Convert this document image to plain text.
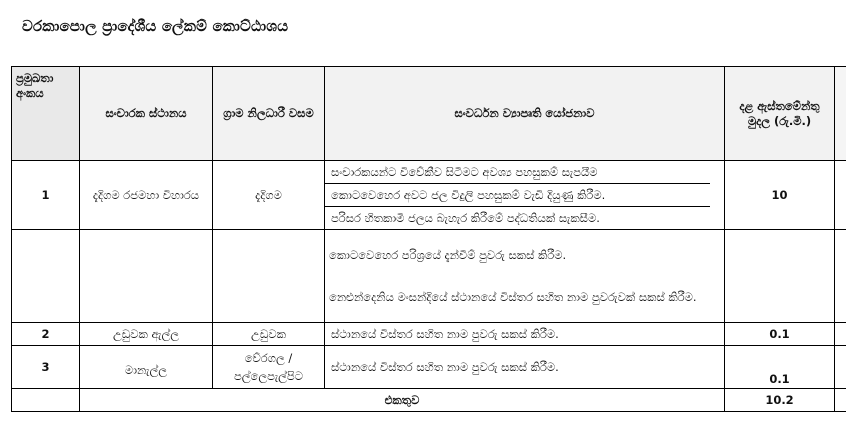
වරකාපොල ප්‍රාදේශීය ලේකම් කොට්ඨාශය
ප්‍රමුඛතා අංකය	සංචාරක ස්ථානය	ග්‍රාම නිලධාරී වසම	සංවර්ධන ව්‍යාපෘති යෝජනාව	දළ ඇස්තමේන්තු මුදල (රු.මි.)	
1	දැදිගම රජමහා විහාරය	දැදිගම	සංචාරකයන්ට විවේකීව සිටීමට අවශ්‍ය පහසුකම් සැපයීම
කොටවෙහෙර අවට ජල විදුලි පහසුකම් වැඩි දියුණු කිරීම.
පරිසර හිතකාමී ජලය බැහැර කිරීමේ පද්ධතියක් සැකසීම.	10	

			කොටවෙහෙර පරිශ්‍රයේ දැන්වීම් පුවරු සකස් කිරීම.
නෙළුන්දෙනිය මංසන්දියේ ස්ථානයේ විස්තර සහිත නාම පුවරුවක් සකස් කිරීම.		

2	උඩුවක ඇල්ල	උඩුවක	ස්ථානයේ විස්තර සහිත නාම පුවරු සකස් කිරීම.	0.1	
3	මානැල්ල	වේරගල / පල්ලෙපැල්පිට	ස්ථානයේ විස්තර සහිත නාම පුවරු සකස් කිරීම.	0.1	
	එකතුව			10.2	
